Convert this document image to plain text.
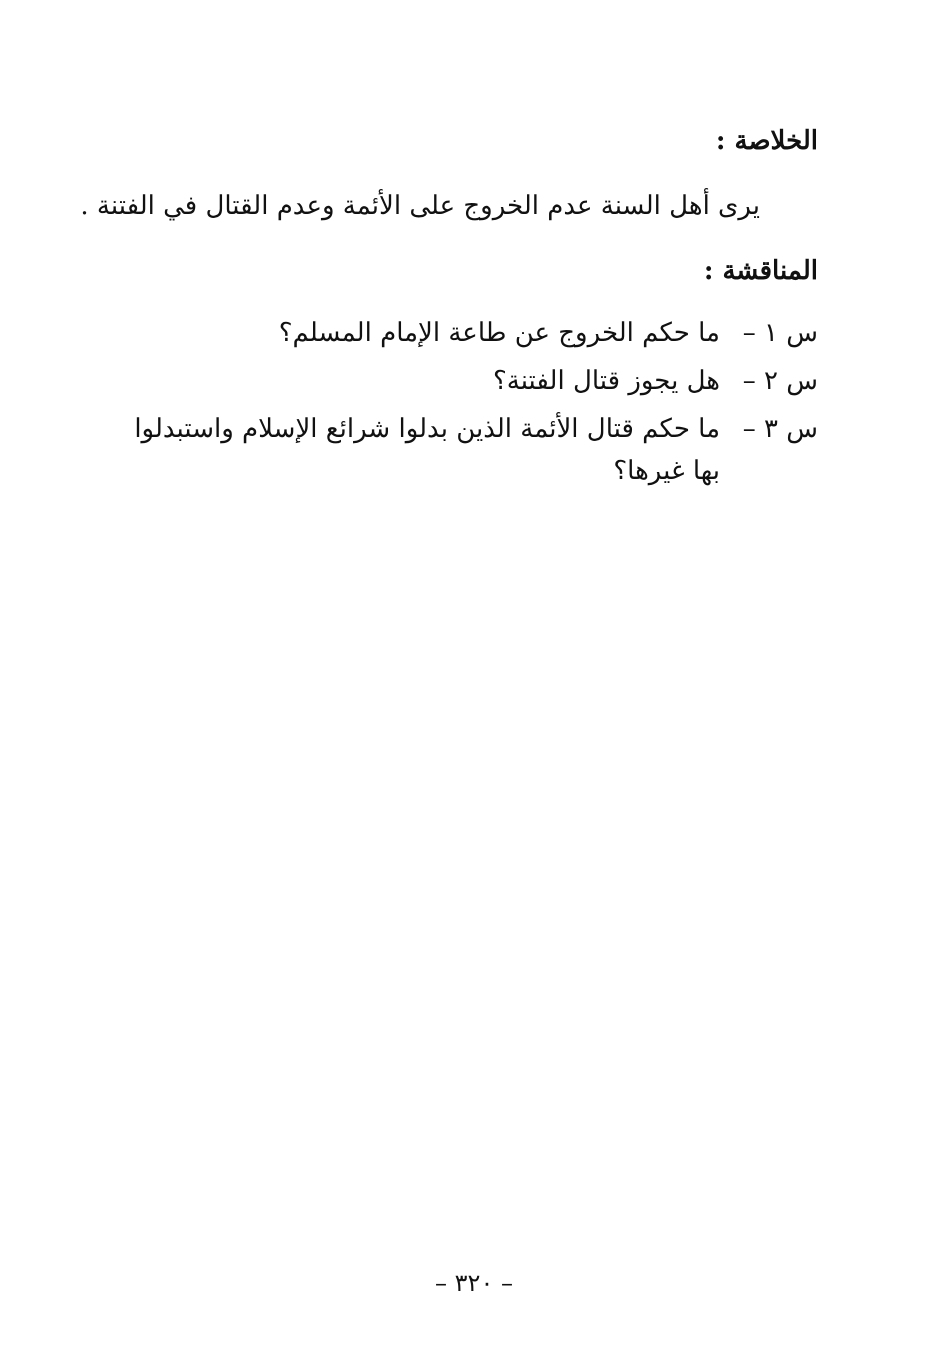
الخلاصة :
يرى أهل السنة عدم الخروج على الأئمة وعدم القتال في الفتنة .
المناقشة :
س ١ –
ما حكم الخروج عن طاعة الإمام المسلم؟
س ٢ –
هل يجوز قتال الفتنة؟
س ٣ –
ما حكم قتال الأئمة الذين بدلوا شرائع الإسلام واستبدلوا بها غيرها؟
– ٣٢٠ –
